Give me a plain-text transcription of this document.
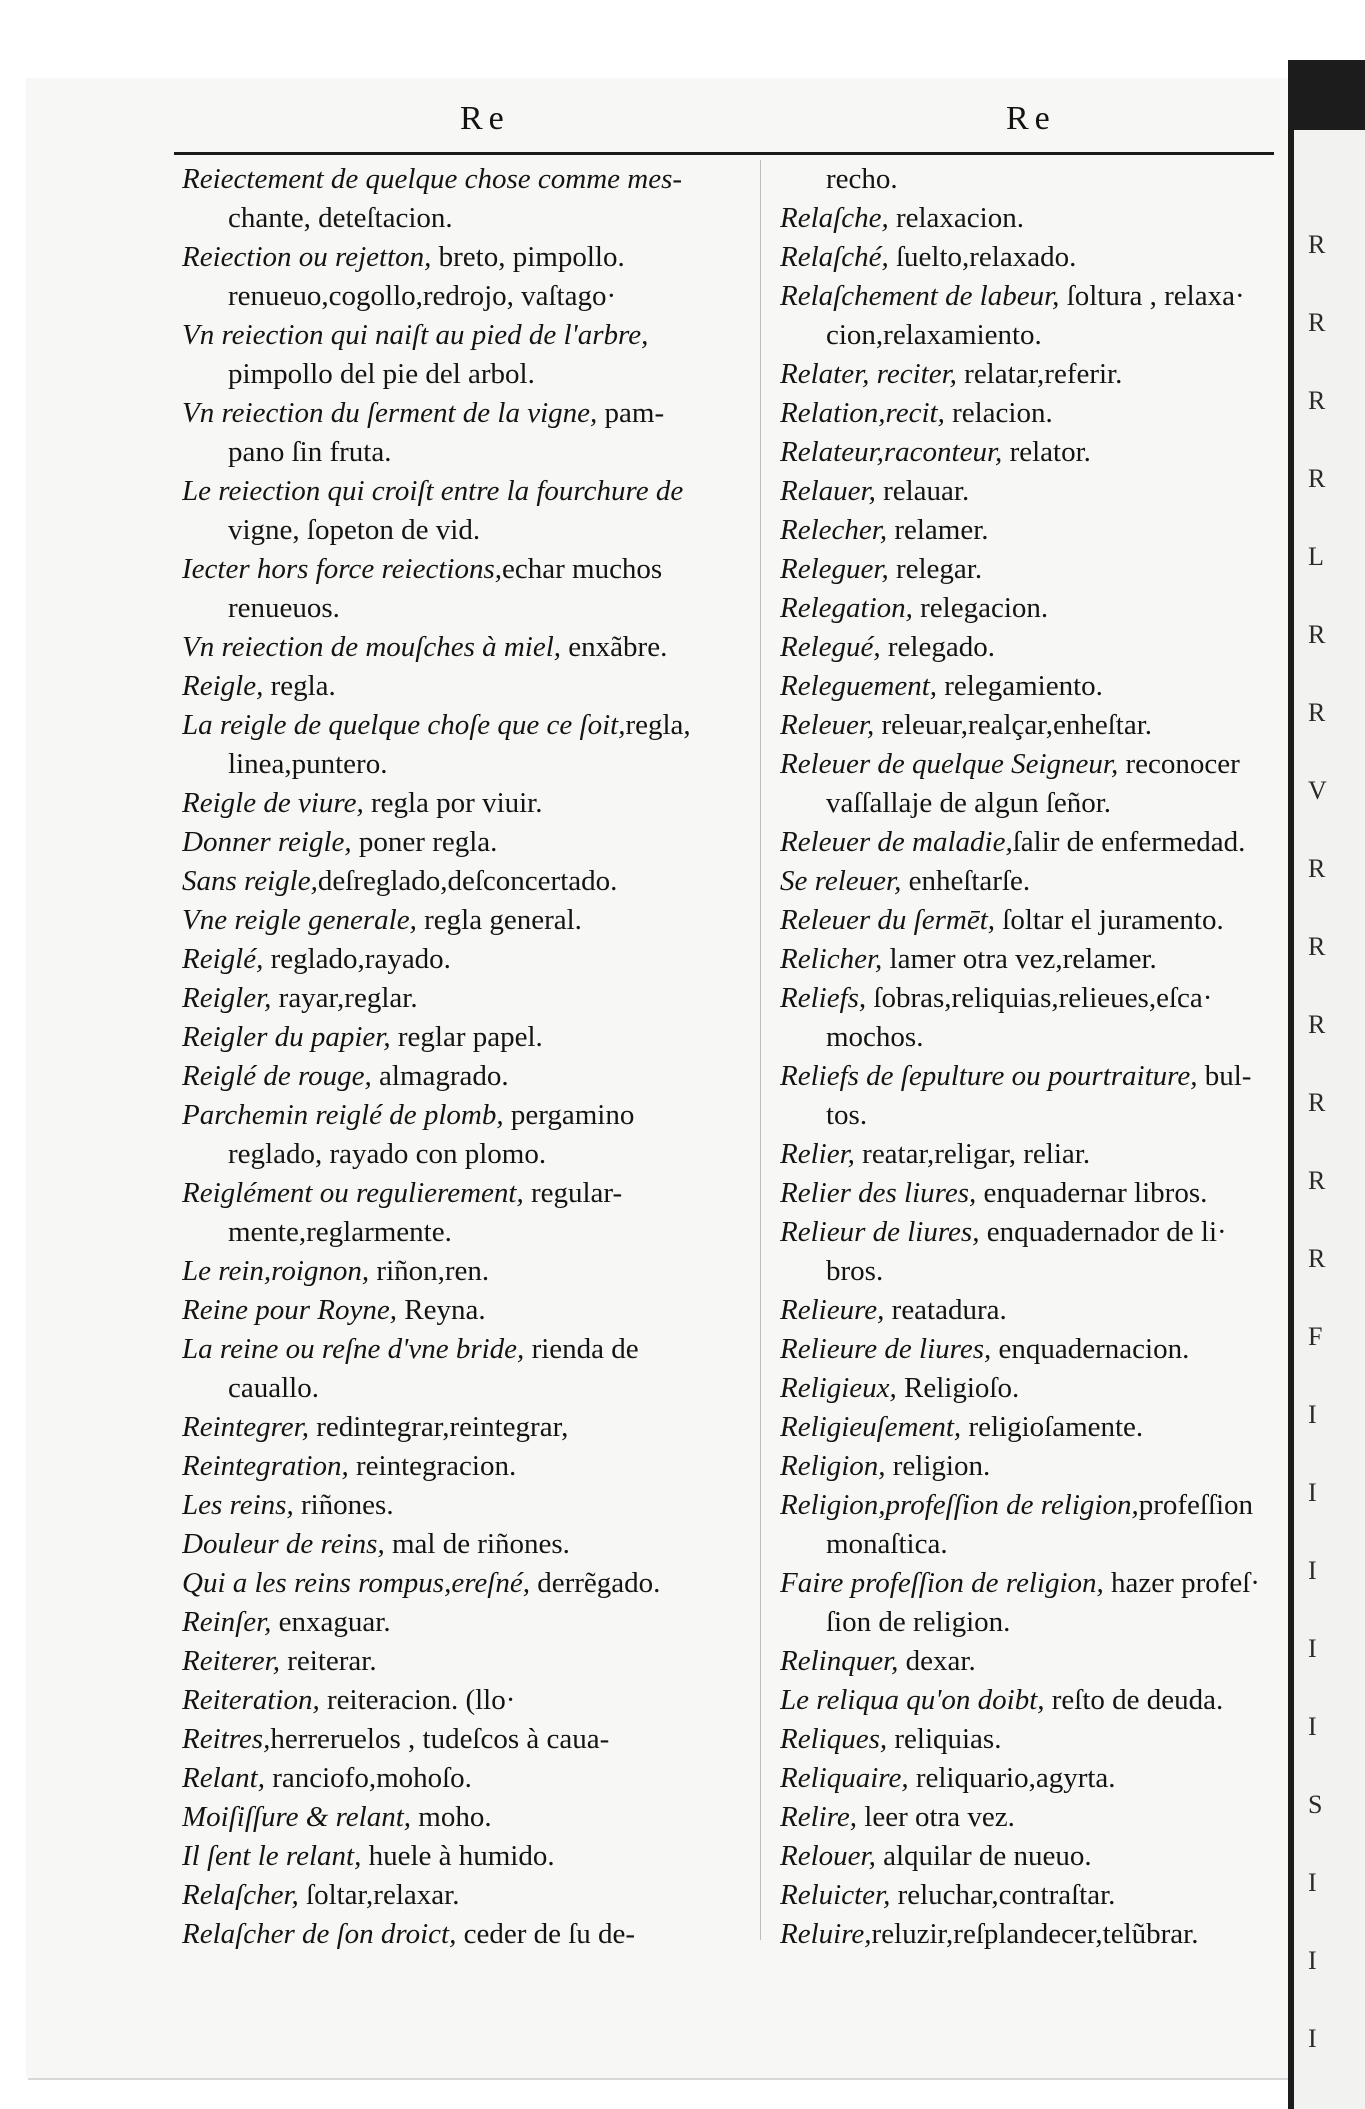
R
R
R
R
L
R
R
V
R
R
R
R
R
R
F
I
I
I
I
I
S
I
I
I
Re	Re
Reiectement de quelque chose comme mes-
chante, deteſtacion.
Reiection ou rejetton, breto, pimpollo.
renueuo,cogollo,redrojo, vaſtago·
Vn reiection qui naiſt au pied de l'arbre,
pimpollo del pie del arbol.
Vn reiection du ſerment de la vigne, pam-
pano ſin fruta.
Le reiection qui croiſt entre la fourchure de
vigne, ſopeton de vid.
Iecter hors force reiections,echar muchos
renueuos.
Vn reiection de mouſches à miel, enxãbre.
Reigle, regla.
La reigle de quelque choſe que ce ſoit,regla,
linea,puntero.
Reigle de viure, regla por viuir.
Donner reigle, poner regla.
Sans reigle,deſreglado,deſconcertado.
Vne reigle generale, regla general.
Reiglé, reglado,rayado.
Reigler, rayar,reglar.
Reigler du papier, reglar papel.
Reiglé de rouge, almagrado.
Parchemin reiglé de plomb, pergamino
reglado, rayado con plomo.
Reiglément ou regulierement, regular-
mente,reglarmente.
Le rein,roignon, riñon,ren.
Reine pour Royne, Reyna.
La reine ou reſne d'vne bride, rienda de
cauallo.
Reintegrer, redintegrar,reintegrar,
Reintegration, reintegracion.
Les reins, riñones.
Douleur de reins, mal de riñones.
Qui a les reins rompus,ereſné, derrẽgado.
Reinſer, enxaguar.
Reiterer, reiterar.
Reiteration, reiteracion. (llo·
Reitres,herreruelos , tudeſcos à caua-
Relant, ranciofo,mohoſo.
Moiſiſſure & relant, moho.
Il ſent le relant, huele à humido.
Relaſcher, ſoltar,relaxar.
Relaſcher de ſon droict, ceder de ſu de-
recho.
Relaſche, relaxacion.
Relaſché, ſuelto,relaxado.
Relaſchement de labeur, ſoltura , relaxa·
cion,relaxamiento.
Relater, reciter, relatar,referir.
Relation,recit, relacion.
Relateur,raconteur, relator.
Relauer, relauar.
Relecher, relamer.
Releguer, relegar.
Relegation, relegacion.
Relegué, relegado.
Releguement, relegamiento.
Releuer, releuar,realçar,enheſtar.
Releuer de quelque Seigneur, reconocer
vaſſallaje de algun ſeñor.
Releuer de maladie,ſalir de enfermedad.
Se releuer, enheſtarſe.
Releuer du ſermēt, ſoltar el juramento.
Relicher, lamer otra vez,relamer.
Reliefs, ſobras,reliquias,relieues,eſca·
mochos.
Reliefs de ſepulture ou pourtraiture, bul-
tos.
Relier, reatar,religar, reliar.
Relier des liures, enquadernar libros.
Relieur de liures, enquadernador de li·
bros.
Relieure, reatadura.
Relieure de liures, enquadernacion.
Religieux, Religioſo.
Religieuſement, religioſamente.
Religion, religion.
Religion,profeſſion de religion,profeſſion
monaſtica.
Faire profeſſion de religion, hazer profeſ·
ſion de religion.
Relinquer, dexar.
Le reliqua qu'on doibt, reſto de deuda.
Reliques, reliquias.
Reliquaire, reliquario,agyrta.
Relire, leer otra vez.
Relouer, alquilar de nueuo.
Reluicter, reluchar,contraſtar.
Reluire,reluzir,reſplandecer,telũbrar.
